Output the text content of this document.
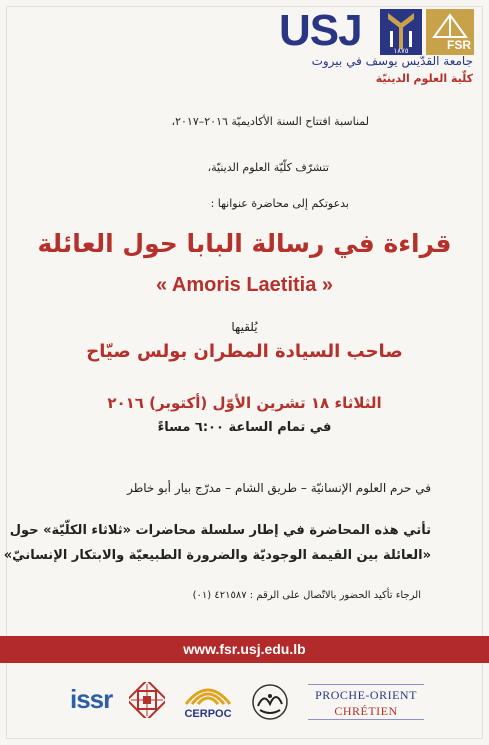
USJ	١٨٧٥	FSR
جامعة القدّيس يوسف في بيروت
كلّية العلوم الدينيّة
لمناسبة افتتاح السنة الأكاديميّة ٢٠١٦–٢٠١٧،
تتشرّف كلّيّة العلوم الدينيّة،
بدعوتكم إلى محاضرة عنوانها :
قراءة في رسالة البابا حول العائلة
« Amoris Laetitia »
يُلقيها
صاحب السيادة المطران بولس صيّاح
الثلاثاء ١٨ تشرين الأوّل (أكتوبر) ٢٠١٦
في تمام الساعة ٦:٠٠ مساءً
في حرم العلوم الإنسانيّة – طريق الشام – مدرّج بيار أبو خاطر
تأتي هذه المحاضرة في إطار سلسلة محاضرات «ثلاثاء الكلّيّة» حول
«العائلة بين القيمة الوجوديّة والضرورة الطبيعيّة والابتكار الإنسانيّ»
الرجاء تأكيد الحضور بالاتّصال على الرقم : ٤٢١٥٨٧ (٠١)
www.fsr.usj.edu.lb
issr	CERPOC
PROCHE-ORIENT
CHRÉTIEN
